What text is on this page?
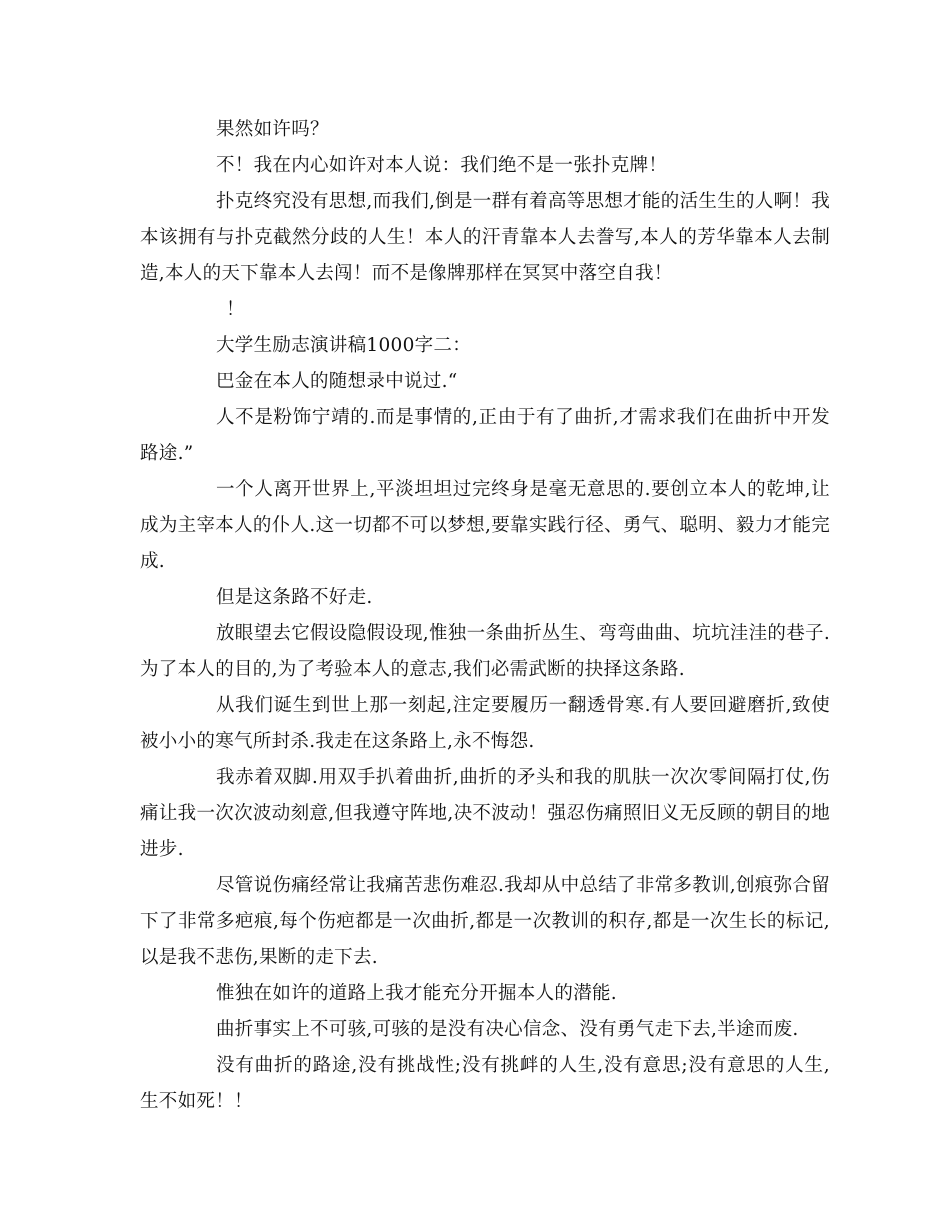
果然如许吗？

不！我在内心如许对本人说：我们绝不是一张扑克牌！

扑克终究没有思想,而我们,倒是一群有着高等思想才能的活生生的人啊！我本该拥有与扑克截然分歧的人生！本人的汗青靠本人去誊写,本人的芳华靠本人去制造,本人的天下靠本人去闯！而不是像牌那样在冥冥中落空自我！

！

大学生励志演讲稿1000字二：

巴金在本人的随想录中说过.“

人不是粉饰宁靖的.而是事情的,正由于有了曲折,才需求我们在曲折中开发路途.”

一个人离开世界上,平淡坦坦过完终身是毫无意思的.要创立本人的乾坤,让成为主宰本人的仆人.这一切都不可以梦想,要靠实践行径、勇气、聪明、毅力才能完成.

但是这条路不好走.

放眼望去它假设隐假设现,惟独一条曲折丛生、弯弯曲曲、坑坑洼洼的巷子.为了本人的目的,为了考验本人的意志,我们必需武断的抉择这条路.

从我们诞生到世上那一刻起,注定要履历一翻透骨寒.有人要回避磨折,致使被小小的寒气所封杀.我走在这条路上,永不悔怨.

我赤着双脚.用双手扒着曲折,曲折的矛头和我的肌肤一次次零间隔打仗,伤痛让我一次次波动刻意,但我遵守阵地,决不波动！强忍伤痛照旧义无反顾的朝目的地进步.

尽管说伤痛经常让我痛苦悲伤难忍.我却从中总结了非常多教训,创痕弥合留下了非常多疤痕,每个伤疤都是一次曲折,都是一次教训的积存,都是一次生长的标记,以是我不悲伤,果断的走下去.

惟独在如许的道路上我才能充分开掘本人的潜能.

曲折事实上不可骇,可骇的是没有决心信念、没有勇气走下去,半途而废.

没有曲折的路途,没有挑战性;没有挑衅的人生,没有意思;没有意思的人生,生不如死！！
